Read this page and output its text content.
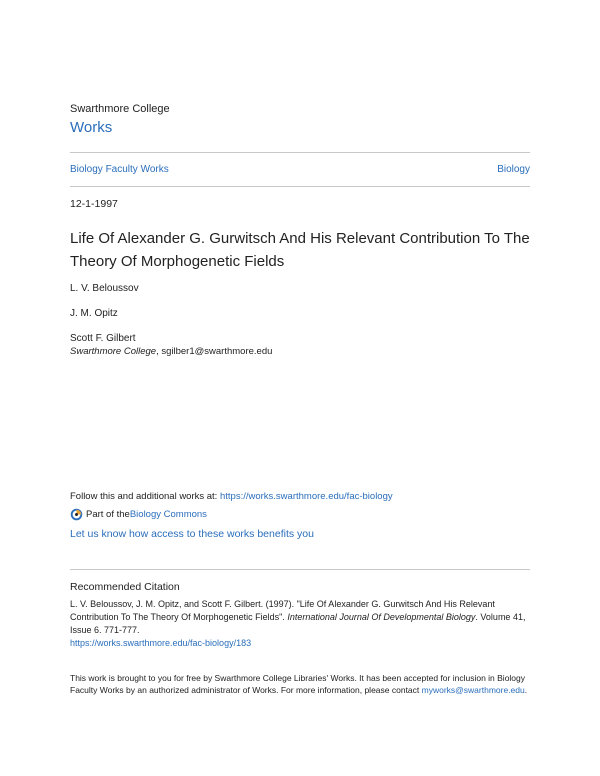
Swarthmore College
Works
Biology Faculty Works	Biology
12-1-1997
Life Of Alexander G. Gurwitsch And His Relevant Contribution To The Theory Of Morphogenetic Fields
L. V. Beloussov
J. M. Opitz
Scott F. Gilbert
Swarthmore College, sgilber1@swarthmore.edu
Follow this and additional works at: https://works.swarthmore.edu/fac-biology
Part of the Biology Commons
Let us know how access to these works benefits you
Recommended Citation
L. V. Beloussov, J. M. Opitz, and Scott F. Gilbert. (1997). "Life Of Alexander G. Gurwitsch And His Relevant Contribution To The Theory Of Morphogenetic Fields". International Journal Of Developmental Biology. Volume 41, Issue 6. 771-777.
https://works.swarthmore.edu/fac-biology/183
This work is brought to you for free by Swarthmore College Libraries' Works. It has been accepted for inclusion in Biology Faculty Works by an authorized administrator of Works. For more information, please contact myworks@swarthmore.edu.
